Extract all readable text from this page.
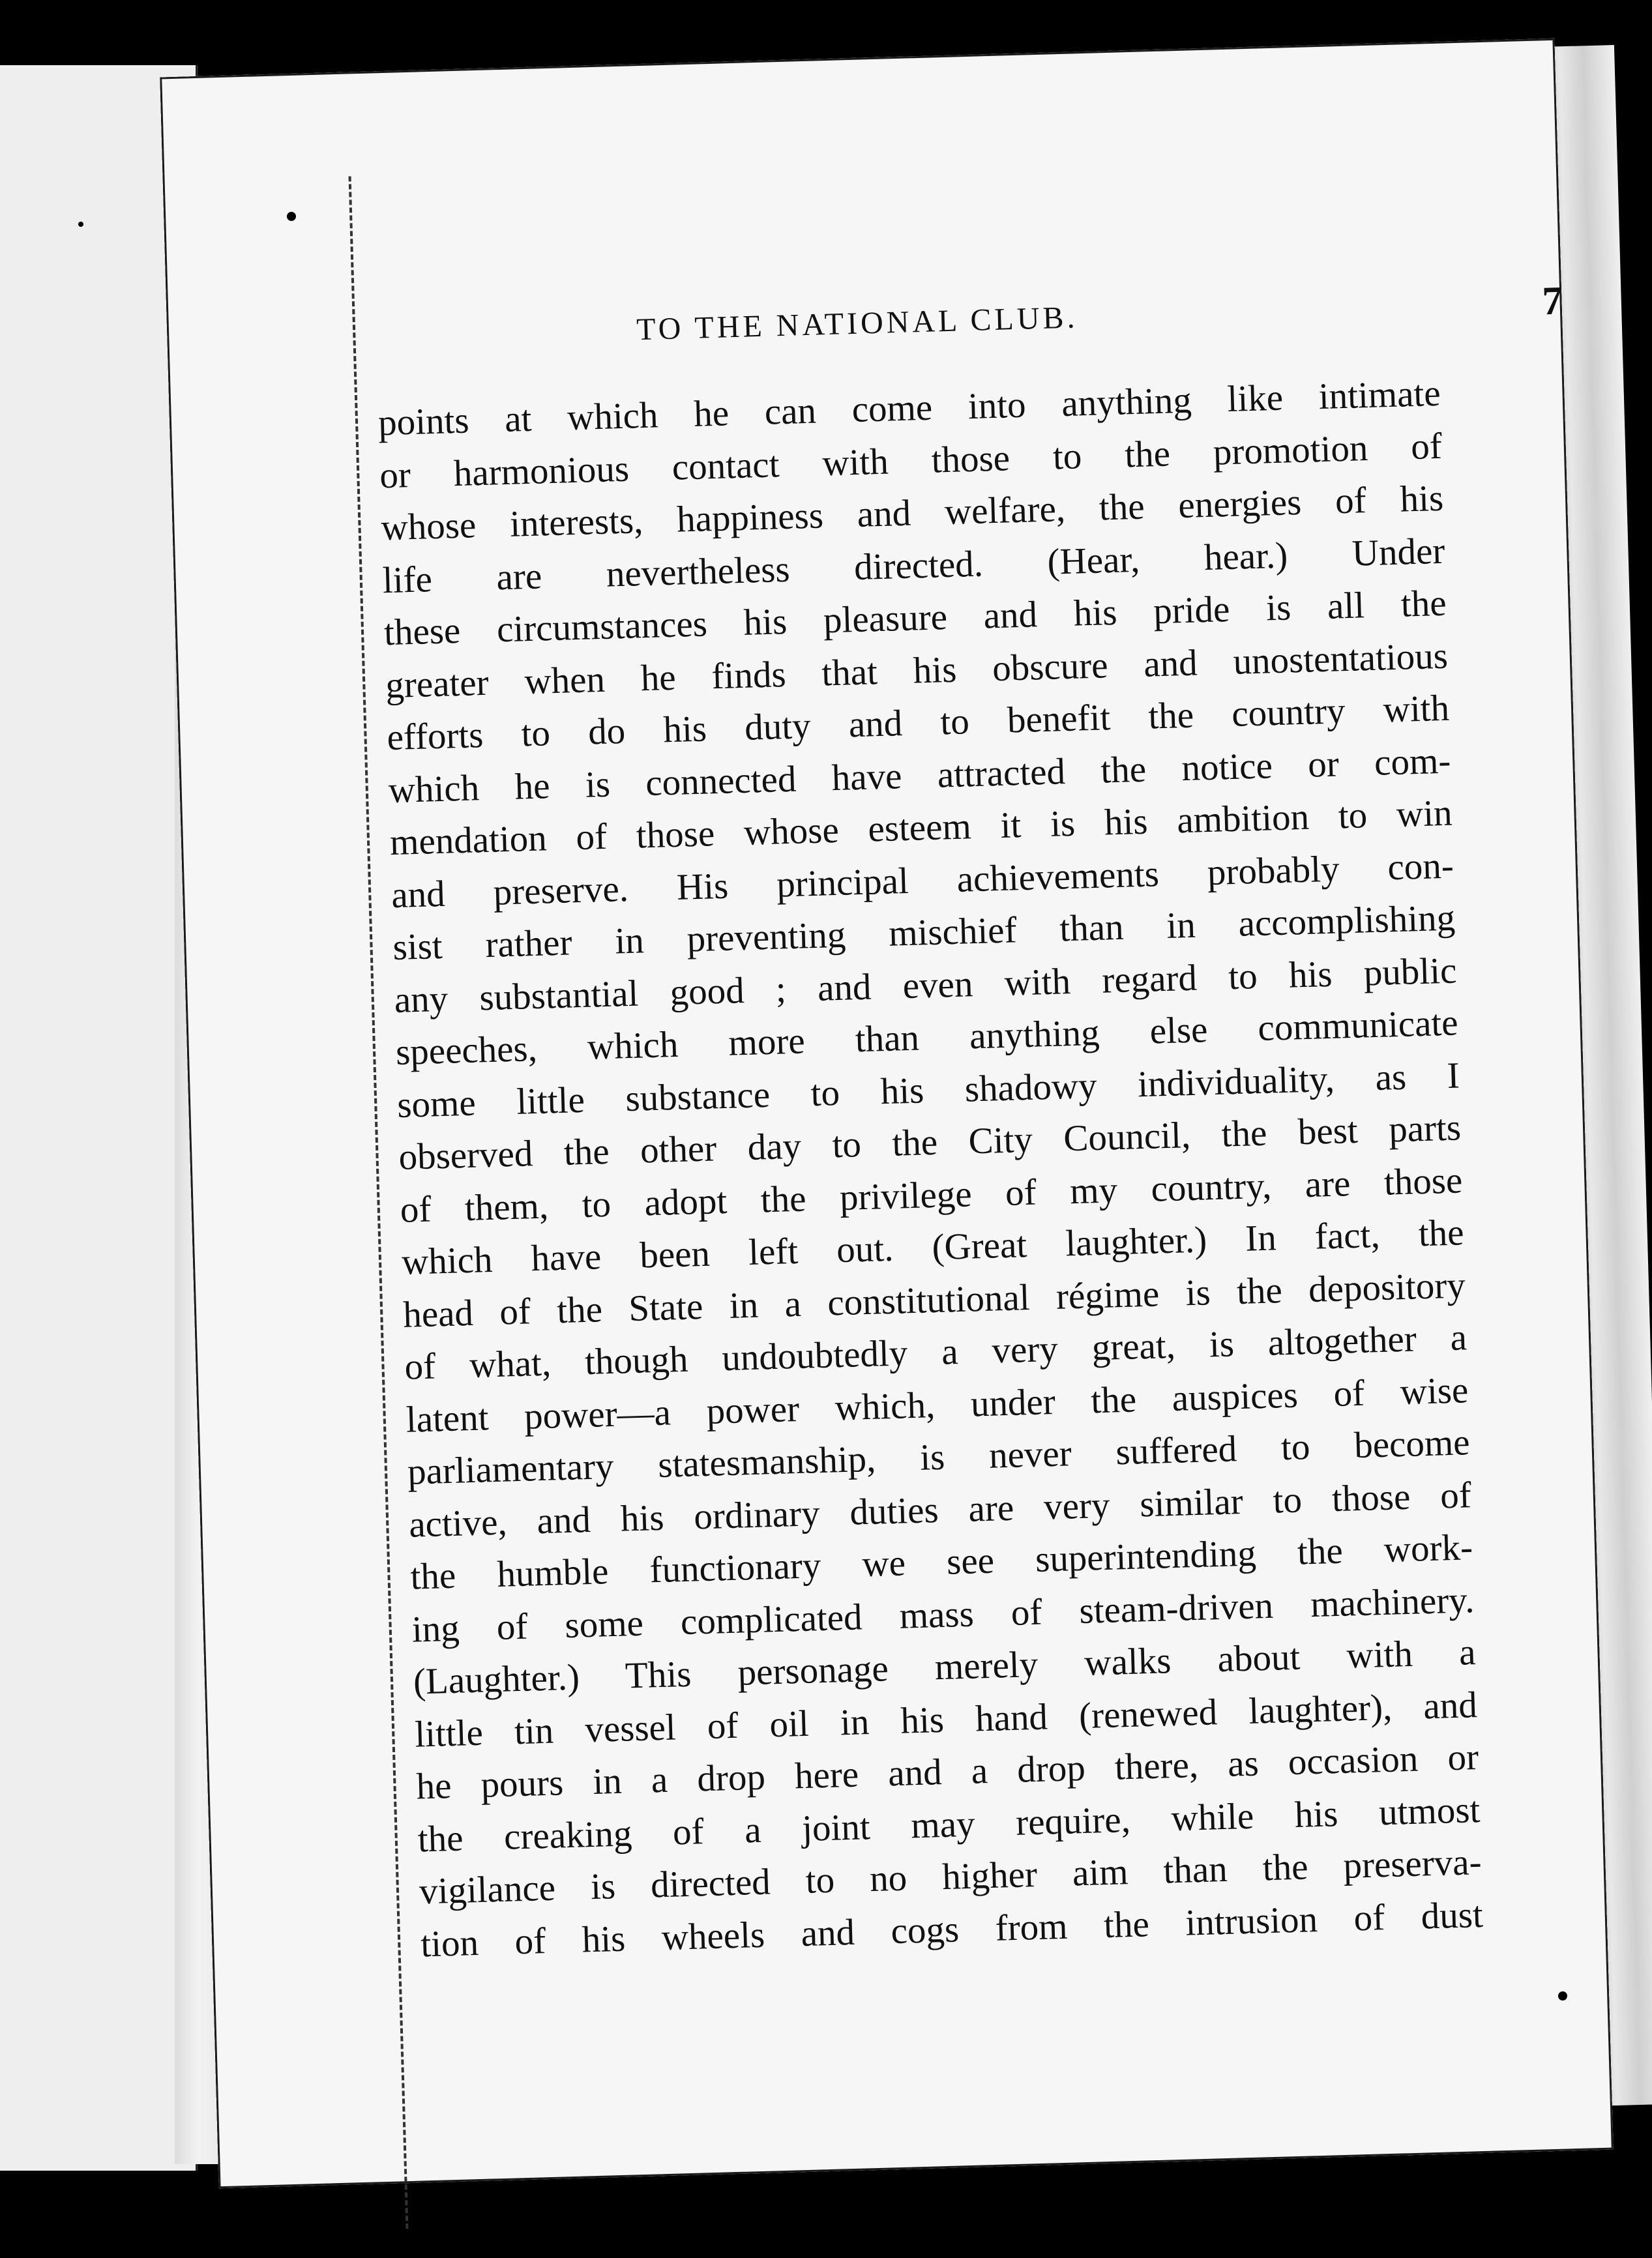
TO THE NATIONAL CLUB.	7
points at which he can come into anything like intimate
or harmonious contact with those to the promotion of
whose interests, happiness and welfare, the energies of his
life are nevertheless directed. (Hear, hear.) Under
these circumstances his pleasure and his pride is all the
greater when he finds that his obscure and unostentatious
efforts to do his duty and to benefit the country with
which he is connected have attracted the notice or com-
mendation of those whose esteem it is his ambition to win
and preserve. His principal achievements probably con-
sist rather in preventing mischief than in accomplishing
any substantial good ; and even with regard to his public
speeches, which more than anything else communicate
some little substance to his shadowy individuality, as I
observed the other day to the City Council, the best parts
of them, to adopt the privilege of my country, are those
which have been left out. (Great laughter.) In fact, the
head of the State in a constitutional régime is the depository
of what, though undoubtedly a very great, is altogether a
latent power—a power which, under the auspices of wise
parliamentary statesmanship, is never suffered to become
active, and his ordinary duties are very similar to those of
the humble functionary we see superintending the work-
ing of some complicated mass of steam-driven machinery.
(Laughter.) This personage merely walks about with a
little tin vessel of oil in his hand (renewed laughter), and
he pours in a drop here and a drop there, as occasion or
the creaking of a joint may require, while his utmost
vigilance is directed to no higher aim than the preserva-
tion of his wheels and cogs from the intrusion of dust
